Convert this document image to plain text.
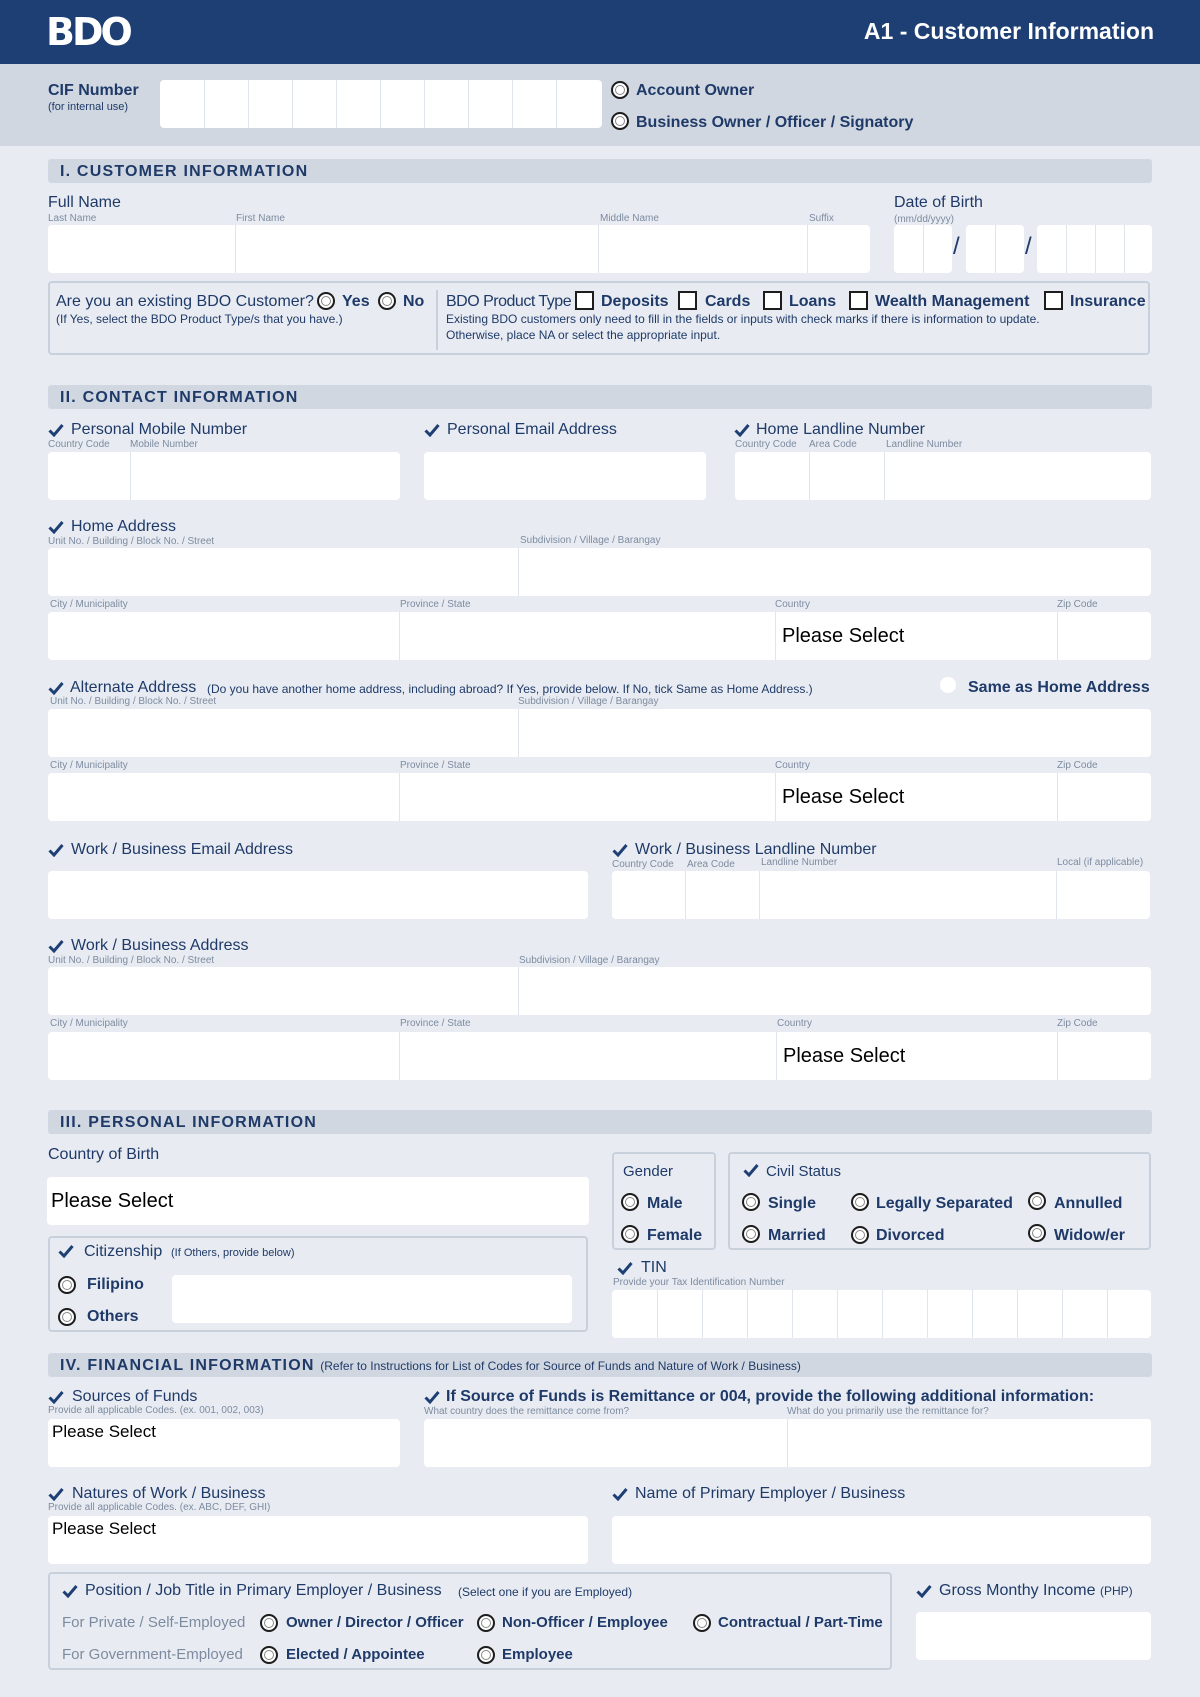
BDO	A1 - Customer Information
CIF Number
(for internal use)
Account Owner
Business Owner / Officer / Signatory
I. CUSTOMER INFORMATION
Full Name
Last Name	First Name	Middle Name	Suffix
Date of Birth
(mm/dd/yyyy)
/	/
Are you an existing BDO Customer?
(If Yes, select the BDO Product Type/s that you have.)
Yes No BDO Product Type Deposits Cards Loans Wealth Management	Insurance
Existing BDO customers only need to fill in the fields or inputs with check marks if there is information to update.
Otherwise, place NA or select the appropriate input.
II. CONTACT INFORMATION
Personal Mobile Number
Country Code Mobile Number
Personal Email Address	Home Landline Number
Country Code Area Code	Landline Number
Home Address
Unit No. / Building / Block No. / Street	Subdivision / Village / Barangay
City / Municipality	Province / State	Country	Zip Code
Please Select
Alternate Address (Do you have another home address, including abroad? If Yes, provide below. If No, tick Same as Home Address.)	Same as Home Address
Unit No. / Building / Block No. / Street	Subdivision / Village / Barangay
City / Municipality	Province / State	Country	Zip Code
Please Select
Work / Business Email Address	Work / Business Landline Number
Country Code Area Code	Landline Number	Local (if applicable)
Work / Business Address
Unit No. / Building / Block No. / Street	Subdivision / Village / Barangay
City / Municipality	Province / State	Country	Zip Code
Please Select
III. PERSONAL INFORMATION
Country of Birth
Please Select
Gender
Male
Female
Civil Status
Single	Legally Separated	Annulled
Married	Divorced	Widow/er
Citizenship (If Others, provide below)
Filipino
Others
TIN
Provide your Tax Identification Number
IV. FINANCIAL INFORMATION (Refer to Instructions for List of Codes for Source of Funds and Nature of Work / Business)
Sources of Funds
Provide all applicable Codes. (ex. 001, 002, 003)
Please Select
If Source of Funds is Remittance or 004, provide the following additional information:
What country does the remittance come from?	What do you primarily use the remittance for?
Natures of Work / Business
Provide all applicable Codes. (ex. ABC, DEF, GHI)
Please Select
Name of Primary Employer / Business
Position / Job Title in Primary Employer / Business (Select one if you are Employed)
For Private / Self-Employed	Owner / Director / Officer	Non-Officer / Employee	Contractual / Part-Time
For Government-Employed	Elected / Appointee	Employee
Gross Monthy Income (PHP)
